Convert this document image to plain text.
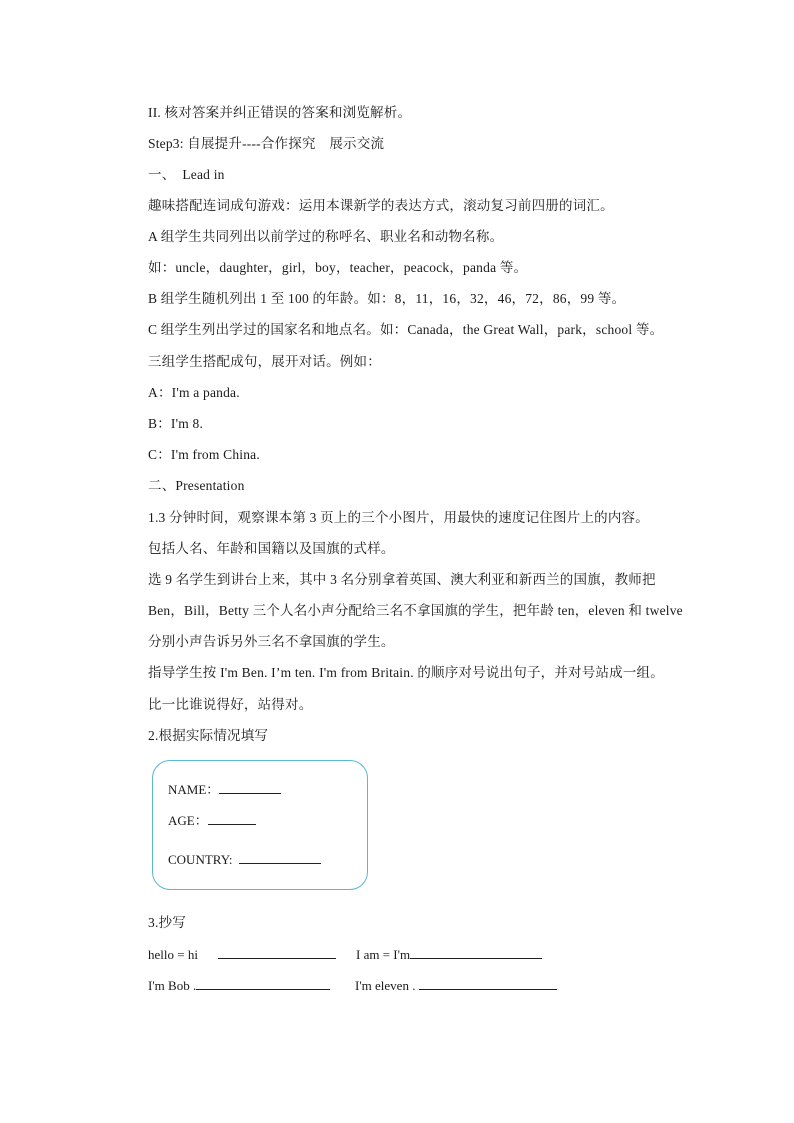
II. 核对答案并纠正错误的答案和浏览解析。
Step3: 自展提升----合作探究　展示交流
一、　Lead in
趣味搭配连词成句游戏：运用本课新学的表达方式，滚动复习前四册的词汇。
A 组学生共同列出以前学过的称呼名、职业名和动物名称。
如：uncle，daughter，girl，boy，teacher，peacock，panda 等。
B 组学生随机列出 1 至 100 的年龄。如：8，11，16，32，46，72，86，99 等。
C 组学生列出学过的国家名和地点名。如：Canada，the Great Wall，park，school 等。
三组学生搭配成句，展开对话。例如：
A：I'm a panda.
B：I'm 8.
C：I'm from China.
二、Presentation
1.3 分钟时间，观察课本第 3 页上的三个小图片，用最快的速度记住图片上的内容。
包括人名、年龄和国籍以及国旗的式样。
选 9 名学生到讲台上来，其中 3 名分别拿着英国、澳大利亚和新西兰的国旗，教师把
Ben，Bill，Betty 三个人名小声分配给三名不拿国旗的学生，把年龄 ten，eleven 和 twelve
分别小声告诉另外三名不拿国旗的学生。
指导学生按 I'm Ben. I’m ten. I'm from Britain. 的顺序对号说出句子，并对号站成一组。
比一比谁说得好，站得对。
2.根据实际情况填写
NAME：
AGE：
COUNTRY:
3.抄写
hello = hi	I am = I'm
I'm Bob .	I'm eleven .
